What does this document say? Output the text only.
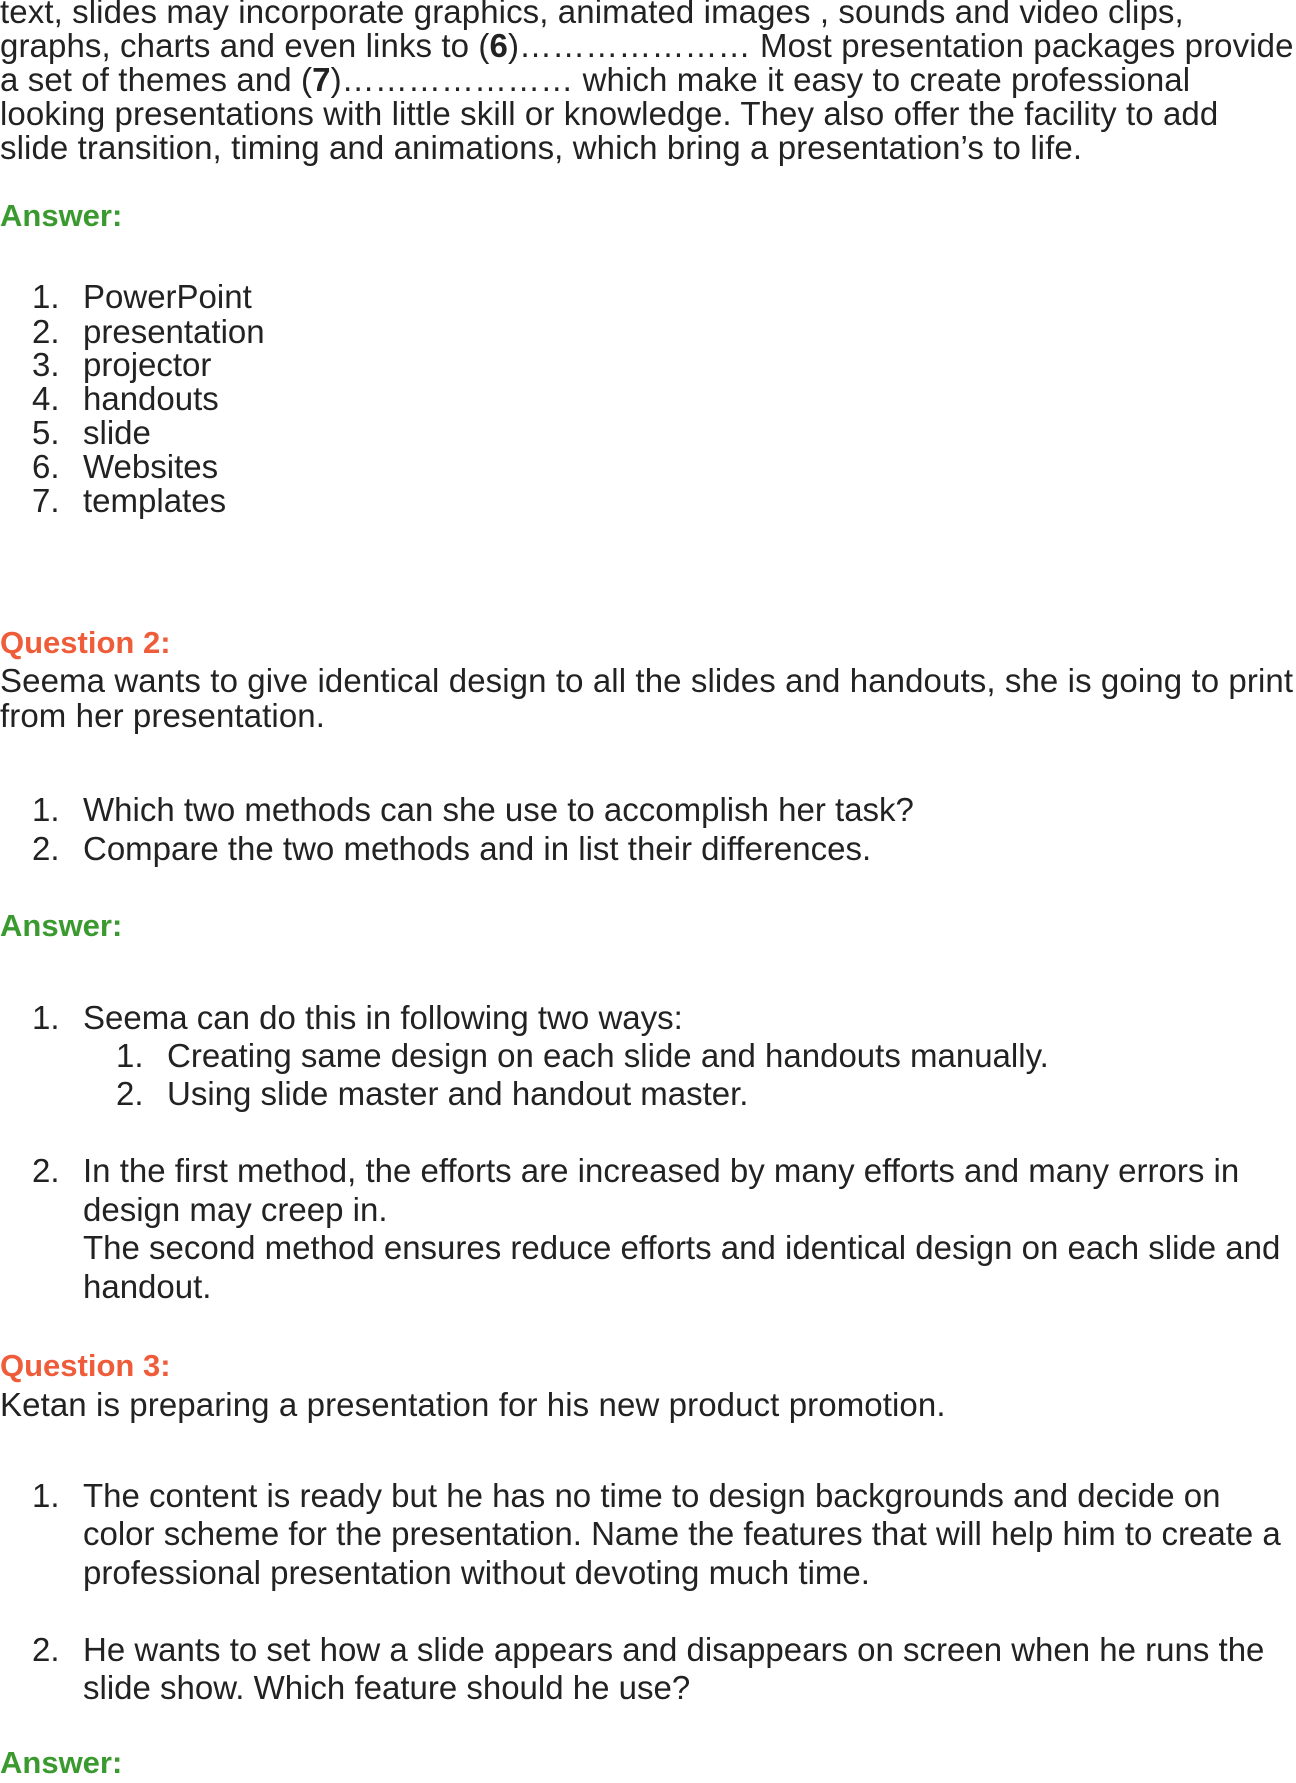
text, slides may incorporate graphics, animated images , sounds and video clips,
graphs, charts and even links to (6)………………… Most presentation packages provide
a set of themes and (7)………………… which make it easy to create professional
looking presentations with little skill or knowledge. They also offer the facility to add
slide transition, timing and animations, which bring a presentation’s to life.
Answer:
1. PowerPoint
2. presentation
3. projector
4. handouts
5. slide
6. Websites
7. templates
Question 2:
Seema wants to give identical design to all the slides and handouts, she is going to print
from her presentation.
1. Which two methods can she use to accomplish her task?
2. Compare the two methods and in list their differences.
Answer:
1. Seema can do this in following two ways:
1. Creating same design on each slide and handouts manually.
2. Using slide master and handout master.
2. In the first method, the efforts are increased by many efforts and many errors in
design may creep in.
The second method ensures reduce efforts and identical design on each slide and
handout.
Question 3:
Ketan is preparing a presentation for his new product promotion.
1. The content is ready but he has no time to design backgrounds and decide on
color scheme for the presentation. Name the features that will help him to create a
professional presentation without devoting much time.
2. He wants to set how a slide appears and disappears on screen when he runs the
slide show. Which feature should he use?
Answer:
